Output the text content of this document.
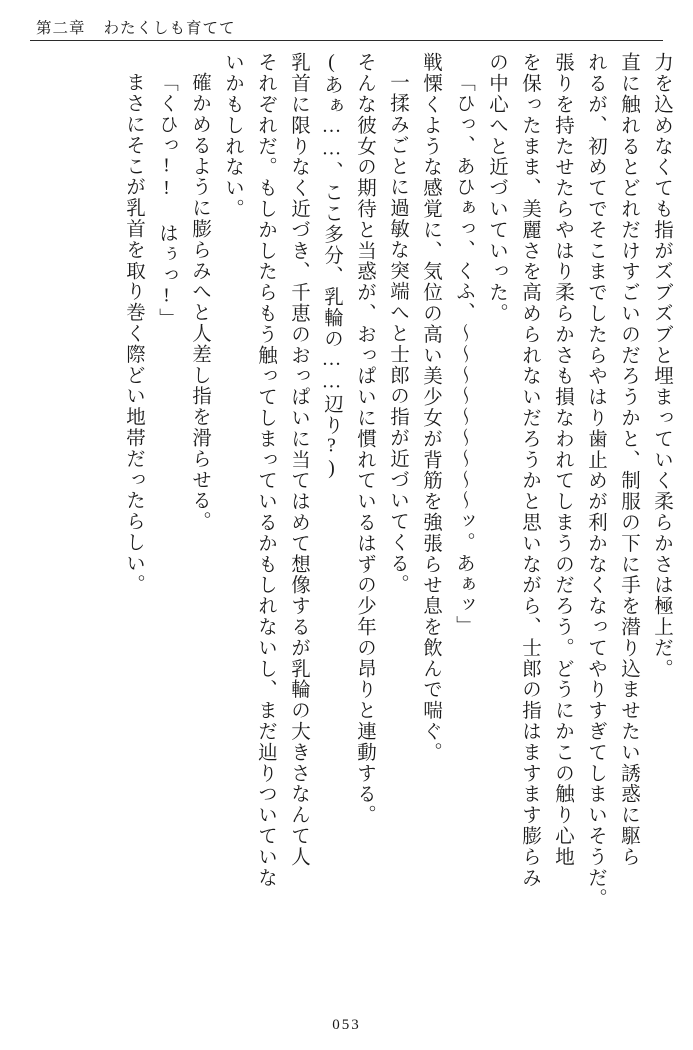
第二章 わたくしも育てて
力を込めなくても指がズブズブと埋まっていく柔らかさは極上だ。
直に触れるとどれだけすごいのだろうかと、制服の下に手を潜り込ませたい誘惑に駆ら
れるが、初めてでそこまでしたらやはり歯止めが利かなくなってやりすぎてしまいそうだ。
張りを持たせたらやはり柔らかさも損なわれてしまうのだろう。どうにかこの触り心地
を保ったまま、美麗さを高められないだろうかと思いながら、士郎の指はますます膨らみ
の中心へと近づいていった。
「ひっ、あひぁっ、くふ、～～～～～～～～～ッ。あぁッ」
戦慄くような感覚に、気位の高い美少女が背筋を強張らせ息を飲んで喘ぐ。
一揉みごとに過敏な突端へと士郎の指が近づいてくる。
そんな彼女の期待と当惑が、おっぱいに慣れているはずの少年の昂りと連動する。
(あぁ……、ここ多分、乳輪の……辺り?)
乳首に限りなく近づき、千恵のおっぱいに当てはめて想像するが乳輪の大きさなんて人
それぞれだ。もしかしたらもう触ってしまっているかもしれないし、まだ辿りついていな
いかもしれない。
確かめるように膨らみへと人差し指を滑らせる。
「くひっ!! はぅっ!」
まさにそこが乳首を取り巻く際どい地帯だったらしい。
053
